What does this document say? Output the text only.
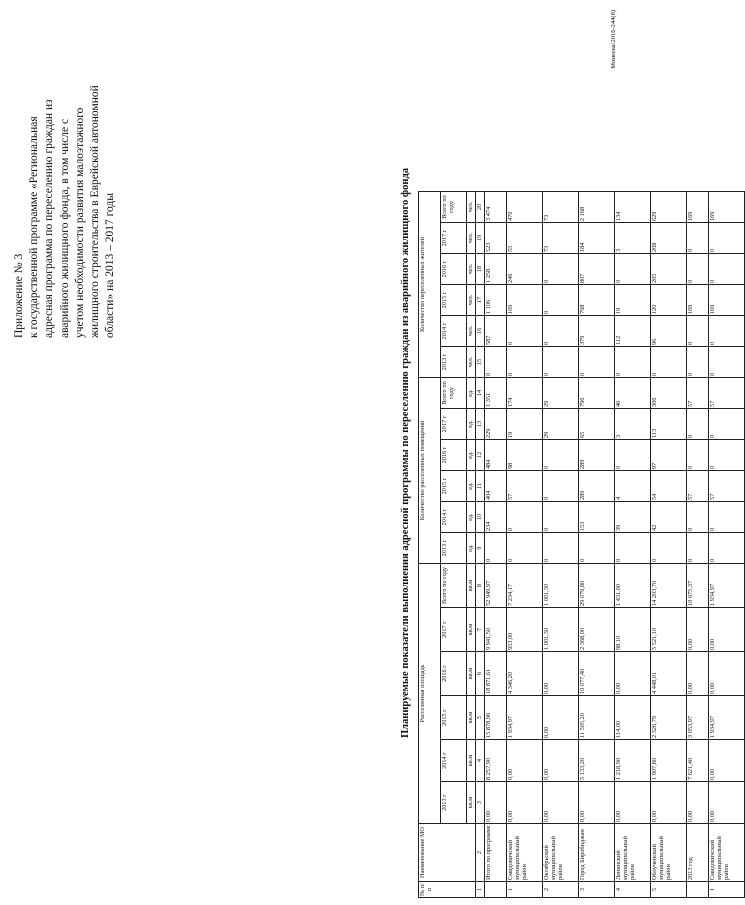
Приложение № 3
к государственной программе «Региональная
адресная программа по переселению граждан из
аварийного жилищного фонда, в том числе с
учетом необходимости развития малоэтажного
жилищного строительства в Еврейской автономной
области» на 2013 – 2017 годы	Планируемые показатели выполнения адресной программы по переселению граждан из аварийного жилищного фонда
№ п/п	Наименование МО	Расселенная площадь						Количество расселенных помещений						Количество переселенных жителей					
		2013 г	2014 г	2015 г	2016 г	2017 г	Всего по году	2013 г	2014 г	2015 г	2016 г	2017 г	Всего по году	2013 г	2014 г	2015 г	2016 г	2017 г	Всего по году
		кв.м	кв.м	кв.м	кв.м	кв.м	кв.м	ед.	ед.	ед.	ед.	ед.	ед.	чел.	чел.	чел.	чел.	чел.	чел.
1	2	3	4	5	6	7	8	9	10	11	12	13	14	15	16	17	18	19	20
	Итого по программе	0,00	8 257,90	15 878,96	18 871,61	9 941,50	52 949,97	0	234	404	484	229	1 351	0	587	1 106	1 258	523	3 474
1	Смидовичский муниципальный район	0,00	0,00	1 934,97	4 346,20	953,00	7 234,17	0	0	57	98	19	174	0	0	169	246	55	470
2	Октябрьский муниципальный район	0,00	0,00	0,00	0,00	1 001,30	1 001,30	0	0	0	0	29	29	0	0	0	0	73	73
3	Город Биробиджан	0,00	5 133,20	11 505,20	10 077,40	2 368,00	29 079,80	0	153	289	289	65	796	0	379	798	807	184	2 168
4	Ленинский муниципальный район	0,00	1 218,90	114,00	0,00	98,10	1 431,00	0	39	4	0	3	46	0	112	19	0	3	134
5	Облученский муниципальный район	0,00	1 907,80	2 326,79	4 448,01	5 521,10	14 203,70	0	42	54	97	113	306	0	96	120	205	208	629
	2013 год	0,00	7 621,40	3 053,97	0,00	0,00	10 675,37	0	0	57	0	0	57	0	0	169	0	0	169
1	Смидовичский муниципальный район	0,00	0,00	1 934,97	0,00	0,00	1 934,97	0	0	57	0	0	57	0	0	169	0	0	169
Минеева/2016-244(8)
